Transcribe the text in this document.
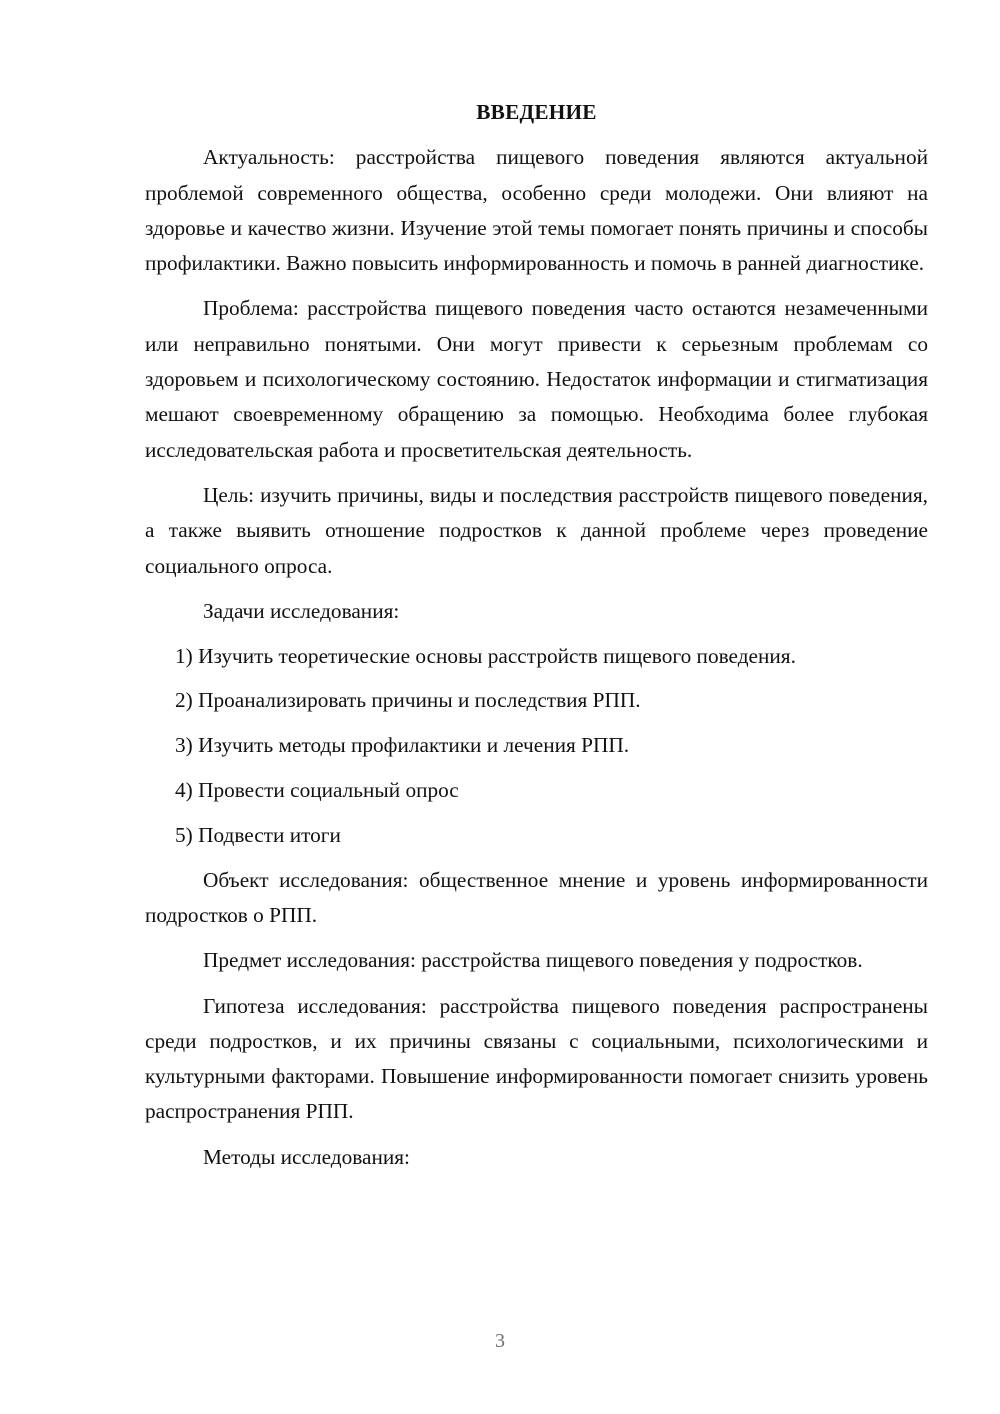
ВВЕДЕНИЕ

Актуальность: расстройства пищевого поведения являются актуальной проблемой современного общества, особенно среди молодежи. Они влияют на здоровье и качество жизни. Изучение этой темы помогает понять причины и способы профилактики. Важно повысить информированность и помочь в ранней диагностике.

Проблема: расстройства пищевого поведения часто остаются незамеченными или неправильно понятыми. Они могут привести к серьезным проблемам со здоровьем и психологическому состоянию. Недостаток информации и стигматизация мешают своевременному обращению за помощью. Необходима более глубокая исследовательская работа и просветительская деятельность.

Цель: изучить причины, виды и последствия расстройств пищевого поведения, а также выявить отношение подростков к данной проблеме через проведение социального опроса.

Задачи исследования:

1) Изучить теоретические основы расстройств пищевого поведения.

2) Проанализировать причины и последствия РПП.

3) Изучить методы профилактики и лечения РПП.

4) Провести социальный опрос

5) Подвести итоги

Объект исследования: общественное мнение и уровень информированности подростков о РПП.

Предмет исследования: расстройства пищевого поведения у подростков.

Гипотеза исследования: расстройства пищевого поведения распространены среди подростков, и их причины связаны с социальными, психологическими и культурными факторами. Повышение информированности помогает снизить уровень распространения РПП.

Методы исследования:

3
